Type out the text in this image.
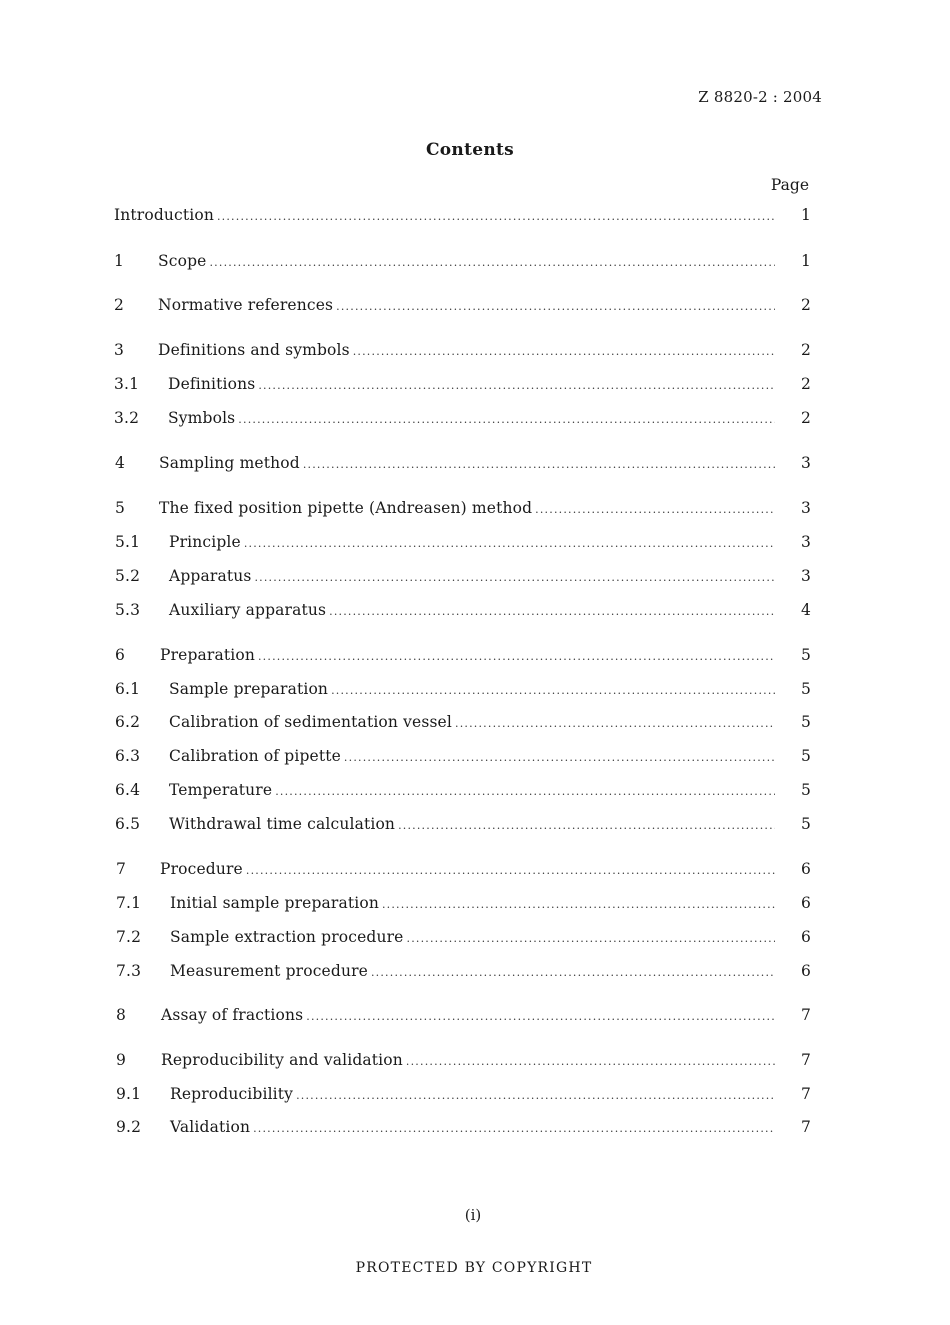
Z 8820-2 : 2004
Contents
Page
Introduction .....	1
1	Scope .....	1
2	Normative references .....	2
3	Definitions and symbols .....	2
3.1	Definitions .....	2
3.2	Symbols .....	2
4	Sampling method .....	3
5	The fixed position pipette (Andreasen) method .....	3
5.1	Principle .....	3
5.2	Apparatus .....	3
5.3	Auxiliary apparatus .....	4
6	Preparation .....	5
6.1	Sample preparation .....	5
6.2	Calibration of sedimentation vessel .....	5
6.3	Calibration of pipette .....	5
6.4	Temperature .....	5
6.5	Withdrawal time calculation .....	5
7	Procedure .....	6
7.1	Initial sample preparation .....	6
7.2	Sample extraction procedure .....	6
7.3	Measurement procedure .....	6
8	Assay of fractions .....	7
9	Reproducibility and validation .....	7
9.1	Reproducibility .....	7
9.2	Validation .....	7
(i)
PROTECTED BY COPYRIGHT
